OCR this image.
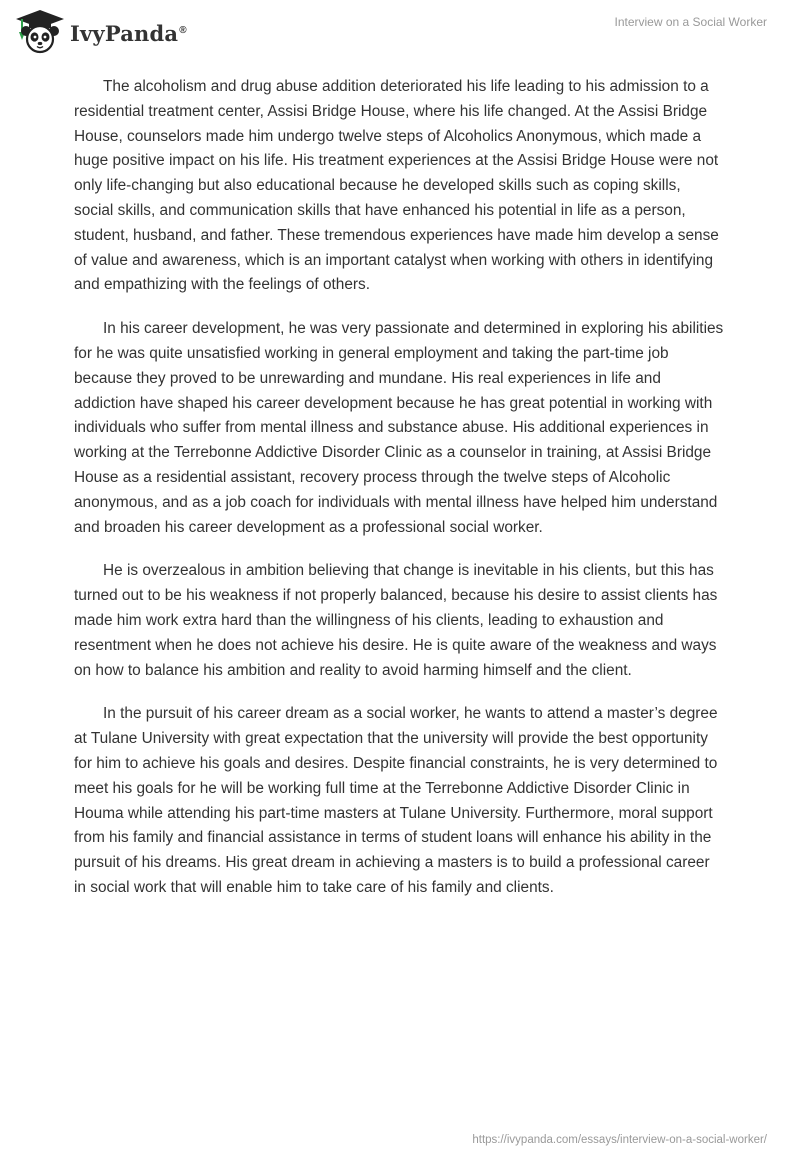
IvyPanda®
Interview on a Social Worker

The alcoholism and drug abuse addition deteriorated his life leading to his admission to a residential treatment center, Assisi Bridge House, where his life changed. At the Assisi Bridge House, counselors made him undergo twelve steps of Alcoholics Anonymous, which made a huge positive impact on his life. His treatment experiences at the Assisi Bridge House were not only life-changing but also educational because he developed skills such as coping skills, social skills, and communication skills that have enhanced his potential in life as a person, student, husband, and father. These tremendous experiences have made him develop a sense of value and awareness, which is an important catalyst when working with others in identifying and empathizing with the feelings of others.

In his career development, he was very passionate and determined in exploring his abilities for he was quite unsatisfied working in general employment and taking the part-time job because they proved to be unrewarding and mundane. His real experiences in life and addiction have shaped his career development because he has great potential in working with individuals who suffer from mental illness and substance abuse. His additional experiences in working at the Terrebonne Addictive Disorder Clinic as a counselor in training, at Assisi Bridge House as a residential assistant, recovery process through the twelve steps of Alcoholic anonymous, and as a job coach for individuals with mental illness have helped him understand and broaden his career development as a professional social worker.

He is overzealous in ambition believing that change is inevitable in his clients, but this has turned out to be his weakness if not properly balanced, because his desire to assist clients has made him work extra hard than the willingness of his clients, leading to exhaustion and resentment when he does not achieve his desire. He is quite aware of the weakness and ways on how to balance his ambition and reality to avoid harming himself and the client.

In the pursuit of his career dream as a social worker, he wants to attend a master’s degree at Tulane University with great expectation that the university will provide the best opportunity for him to achieve his goals and desires. Despite financial constraints, he is very determined to meet his goals for he will be working full time at the Terrebonne Addictive Disorder Clinic in Houma while attending his part-time masters at Tulane University. Furthermore, moral support from his family and financial assistance in terms of student loans will enhance his ability in the pursuit of his dreams. His great dream in achieving a masters is to build a professional career in social work that will enable him to take care of his family and clients.

https://ivypanda.com/essays/interview-on-a-social-worker/
